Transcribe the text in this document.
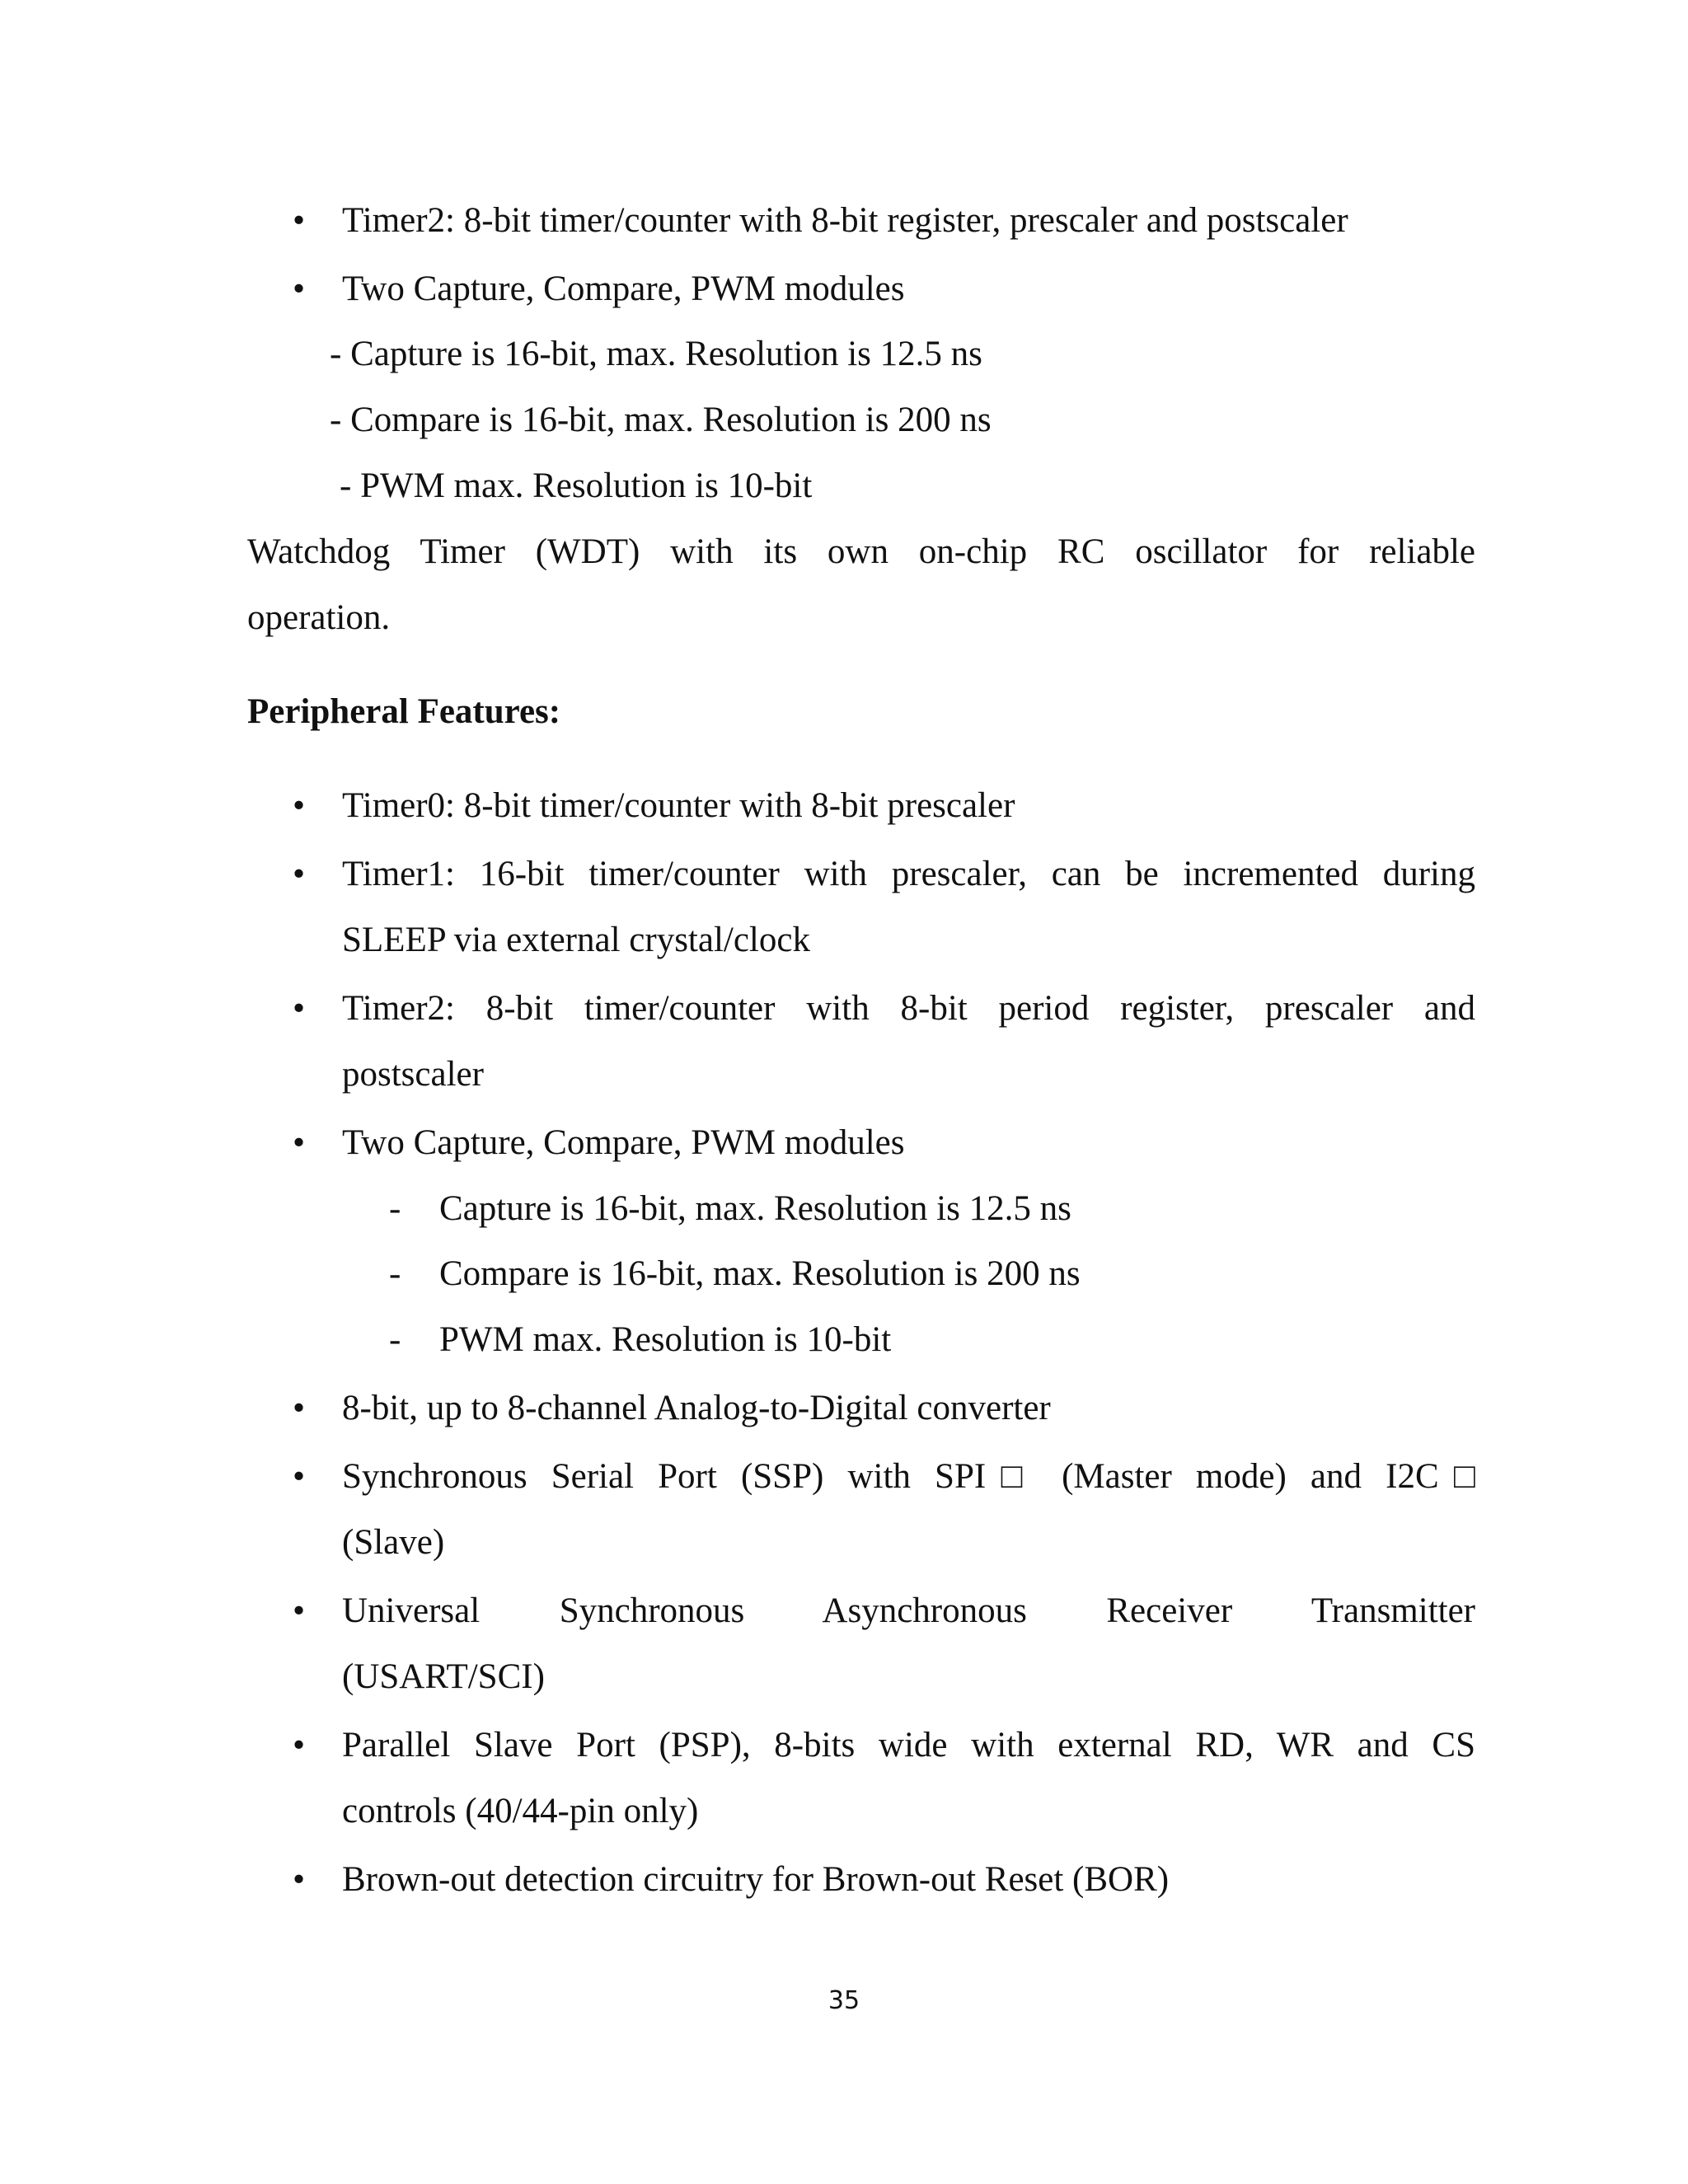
• Timer2: 8-bit timer/counter with 8-bit register, prescaler and postscaler
• Two Capture, Compare, PWM modules
- Capture is 16-bit, max. Resolution is 12.5 ns
- Compare is 16-bit, max. Resolution is 200 ns
- PWM max. Resolution is 10-bit
Watchdog Timer (WDT) with its own on-chip RC oscillator for reliable
operation.
Peripheral Features:
• Timer0: 8-bit timer/counter with 8-bit prescaler
• Timer1: 16-bit timer/counter with prescaler, can be incremented during
SLEEP via external crystal/clock
• Timer2: 8-bit timer/counter with 8-bit period register, prescaler and
postscaler
• Two Capture, Compare, PWM modules
- Capture is 16-bit, max. Resolution is 12.5 ns
- Compare is 16-bit, max. Resolution is 200 ns
- PWM max. Resolution is 10-bit
• 8-bit, up to 8-channel Analog-to-Digital converter
• Synchronous Serial Port (SSP) with SPI□ (Master mode) and I2C□
(Slave)
• Universal Synchronous Asynchronous Receiver Transmitter
(USART/SCI)
• Parallel Slave Port (PSP), 8-bits wide with external RD, WR and CS
controls (40/44-pin only)
• Brown-out detection circuitry for Brown-out Reset (BOR)
35
